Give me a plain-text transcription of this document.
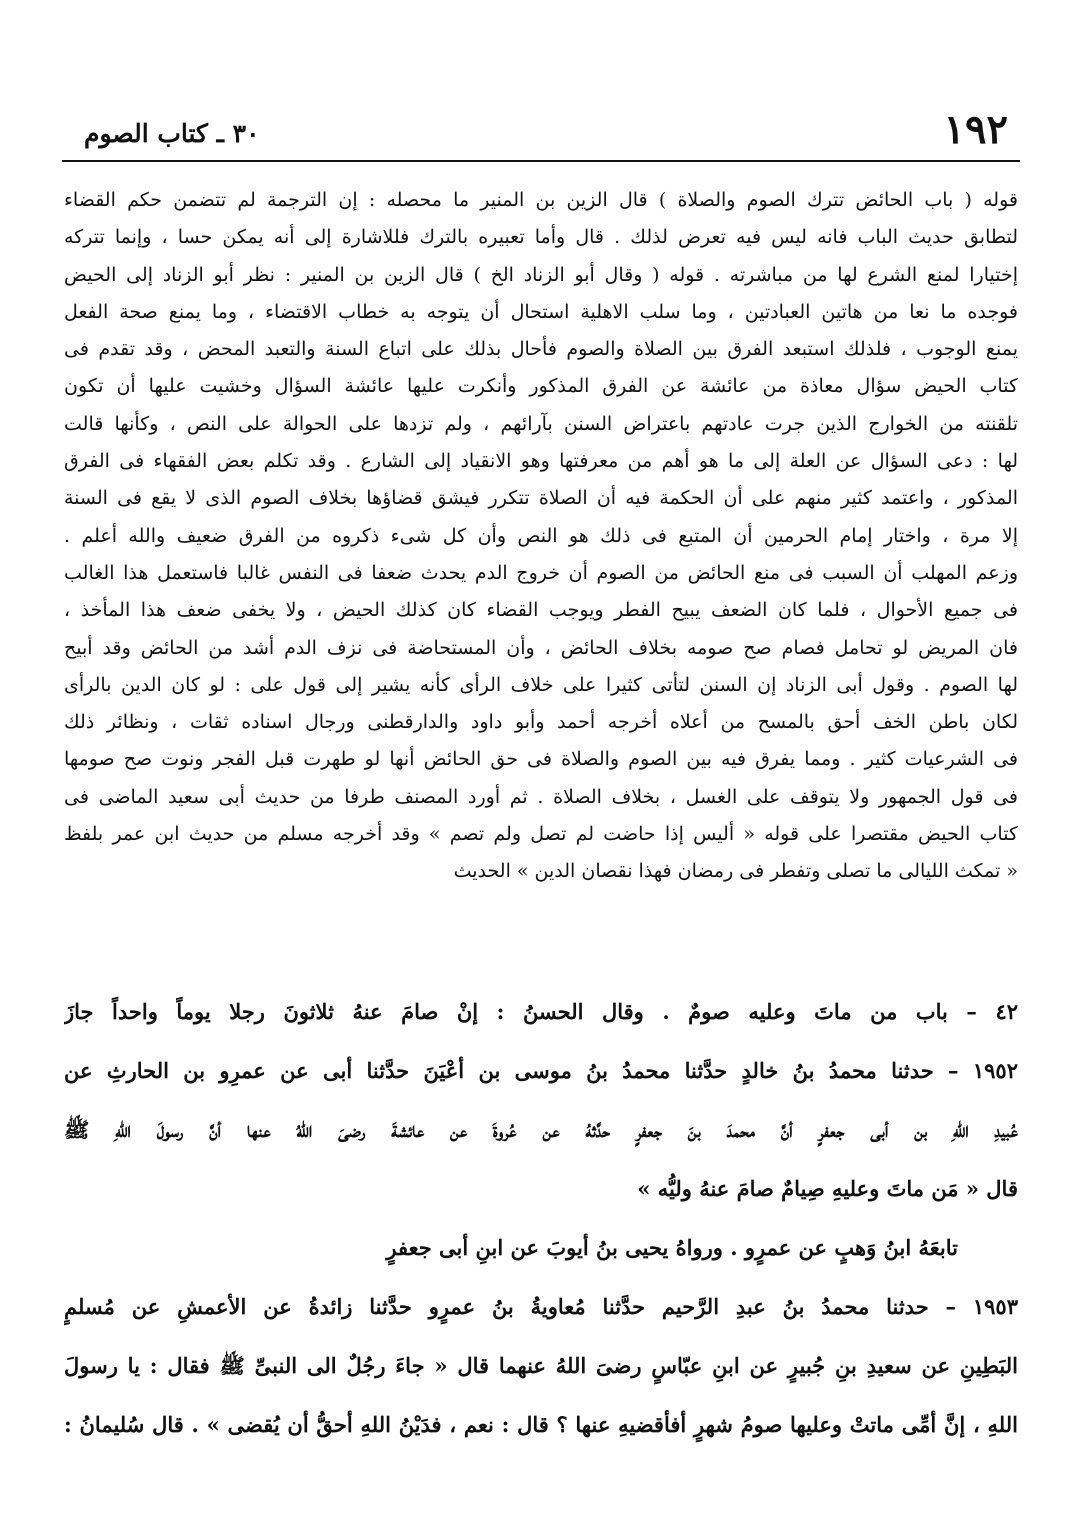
١٩٢
٣٠ ـ كتاب الصوم
قوله ( باب الحائض تترك الصوم والصلاة ) قال الزين بن المنير ما محصله : إن الترجمة لم تتضمن حكم القضاء
لتطابق حديث الباب فانه ليس فيه تعرض لذلك . قال وأما تعبيره بالترك فللاشارة إلى أنه يمكن حسا ، وإنما تتركه
إختيارا لمنع الشرع لها من مباشرته . قوله ( وقال أبو الزناد الخ ) قال الزين بن المنير : نظر أبو الزناد إلى الحيض
فوجده ما نعا من هاتين العبادتين ، وما سلب الاهلية استحال أن يتوجه به خطاب الاقتضاء ، وما يمنع صحة الفعل
يمنع الوجوب ، فلذلك استبعد الفرق بين الصلاة والصوم فأحال بذلك على اتباع السنة والتعبد المحض ، وقد تقدم فى
كتاب الحيض سؤال معاذة من عائشة عن الفرق المذكور وأنكرت عليها عائشة السؤال وخشيت عليها أن تكون
تلقنته من الخوارج الذين جرت عادتهم باعتراض السنن بآرائهم ، ولم تزدها على الحوالة على النص ، وكأنها قالت
لها : دعى السؤال عن العلة إلى ما هو أهم من معرفتها وهو الانقياد إلى الشارع . وقد تكلم بعض الفقهاء فى الفرق
المذكور ، واعتمد كثير منهم على أن الحكمة فيه أن الصلاة تتكرر فيشق قضاؤها بخلاف الصوم الذى لا يقع فى السنة
إلا مرة ، واختار إمام الحرمين أن المتبع فى ذلك هو النص وأن كل شىء ذكروه من الفرق ضعيف والله أعلم .
وزعم المهلب أن السبب فى منع الحائض من الصوم أن خروج الدم يحدث ضعفا فى النفس غالبا فاستعمل هذا الغالب
فى جميع الأحوال ، فلما كان الضعف يبيح الفطر ويوجب القضاء كان كذلك الحيض ، ولا يخفى ضعف هذا المأخذ ،
فان المريض لو تحامل فصام صح صومه بخلاف الحائض ، وأن المستحاضة فى نزف الدم أشد من الحائض وقد أبيح
لها الصوم . وقول أبى الزناد إن السنن لتأتى كثيرا على خلاف الرأى كأنه يشير إلى قول على : لو كان الدين بالرأى
لكان باطن الخف أحق بالمسح من أعلاه أخرجه أحمد وأبو داود والدارقطنى ورجال اسناده ثقات ، ونظائر ذلك
فى الشرعيات كثير . ومما يفرق فيه بين الصوم والصلاة فى حق الحائض أنها لو طهرت قبل الفجر ونوت صح صومها
فى قول الجمهور ولا يتوقف على الغسل ، بخلاف الصلاة . ثم أورد المصنف طرفا من حديث أبى سعيد الماضى فى
كتاب الحيض مقتصرا على قوله « أليس إذا حاضت لم تصل ولم تصم » وقد أخرجه مسلم من حديث ابن عمر بلفظ
« تمكث الليالى ما تصلى وتفطر فى رمضان فهذا نقصان الدين » الحديث
٤٢ – باب من ماتَ وعليه صومٌ . وقال الحسنُ : إنْ صامَ عنهُ ثلاثونَ رجلا يوماً واحداً جازَ
١٩٥٢ – حدثنا محمدُ بنُ خالدٍ حدَّثنا محمدُ بنُ موسى بن أعْيَنَ حدَّثنا أبى عن عمرِو بن الحارثِ عن
عُبيدِ اللهِ بن أبى جعفرٍ أنَّ محمدَ بنَ جعفرٍ حدَّثهُ عن عُروةَ عن عائشةَ رضىَ اللهُ عنها أنَّ رسولَ اللهِ ﷺ
قال « مَن ماتَ وعليهِ صِيامٌ صامَ عنهُ وليُّه »
تابعَهُ ابنُ وَهبٍ عن عمرٍو . ورواهُ يحيى بنُ أيوبَ عن ابنِ أبى جعفرٍ
١٩٥٣ – حدثنا محمدُ بنُ عبدِ الرَّحيم حدَّثنا مُعاويةُ بنُ عمرٍو حدَّثنا زائدةُ عن الأعمشِ عن مُسلمٍ
البَطِينِ عن سعيدِ بنِ جُبيرٍ عن ابنِ عبّاسٍ رضىَ اللهُ عنهما قال « جاءَ رجُلٌ الى النبىِّ ﷺ فقال : يا رسولَ
اللهِ ، إنَّ أمِّى ماتتْ وعليها صومُ شهرٍ أفأقضيهِ عنها ؟ قال : نعم ، فدَيْنُ اللهِ أحقُّ أن يُقضى » . قال سُليمانُ :
